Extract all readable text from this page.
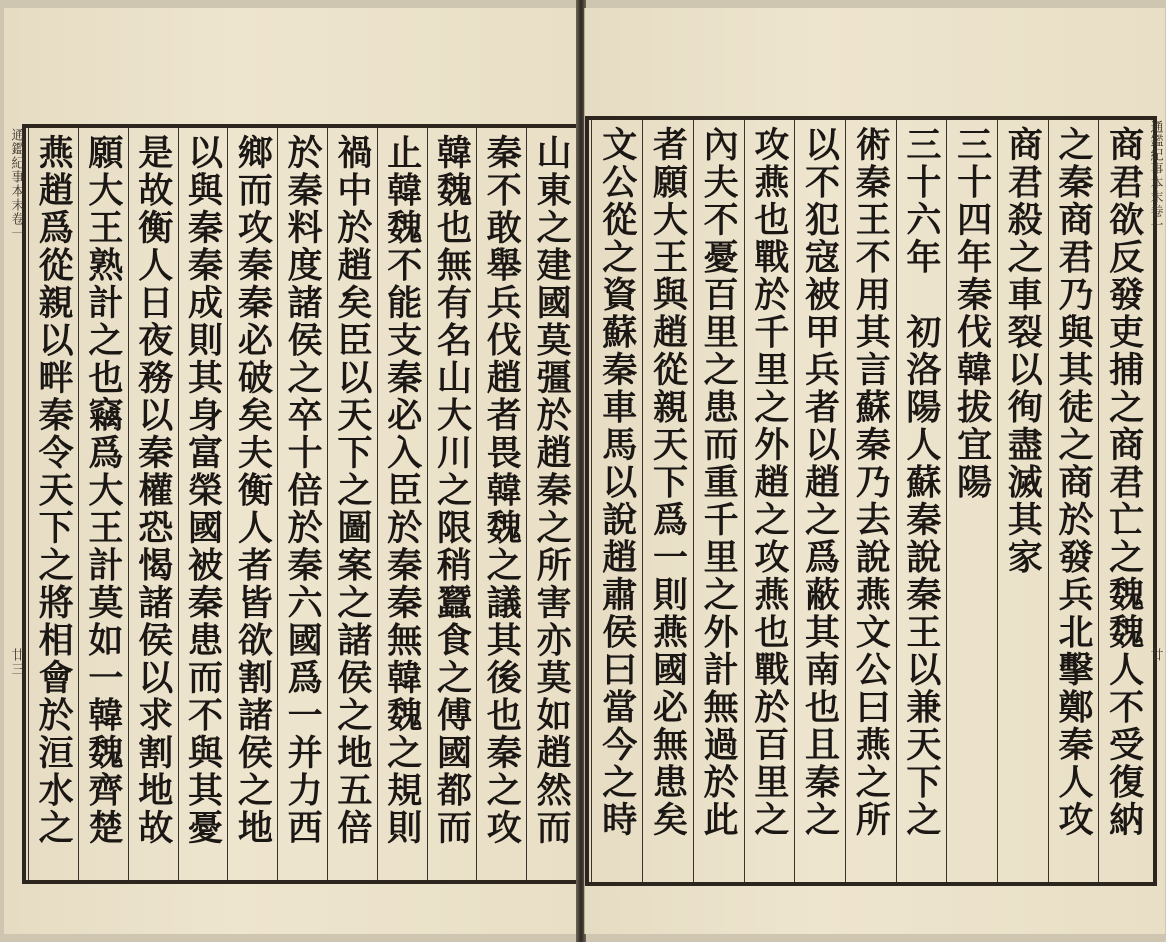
山東之建國莫彊於趙秦之所害亦莫如趙然而
秦不敢舉兵伐趙者畏韓魏之議其後也秦之攻
韓魏也無有名山大川之限稍蠶食之傅國都而
止韓魏不能支秦必入臣於秦秦無韓魏之規則
禍中於趙矣臣以天下之圖案之諸侯之地五倍
於秦料度諸侯之卒十倍於秦六國爲一并力西
鄉而攻秦秦必破矣夫衡人者皆欲割諸侯之地
以與秦秦成則其身富榮國被秦患而不與其憂
是故衡人日夜務以秦權恐愒諸侯以求割地故
願大王熟計之也竊爲大王計莫如一韓魏齊楚
燕趙爲從親以畔秦令天下之將相會於洹水之
通鑑紀事本末卷一
廿三	商君欲反發吏捕之商君亡之魏魏人不受復納
之秦商君乃與其徒之商於發兵北擊鄭秦人攻
商君殺之車裂以徇盡滅其家
三十四年秦伐韓拔宜陽
三十六年　初洛陽人蘇秦說秦王以兼天下之
術秦王不用其言蘇秦乃去說燕文公曰燕之所
以不犯寇被甲兵者以趙之爲蔽其南也且秦之
攻燕也戰於千里之外趙之攻燕也戰於百里之
內夫不憂百里之患而重千里之外計無過於此
者願大王與趙從親天下爲一則燕國必無患矣
文公從之資蘇秦車馬以說趙肅侯曰當今之時	通鑑紀事本末卷一
廿
